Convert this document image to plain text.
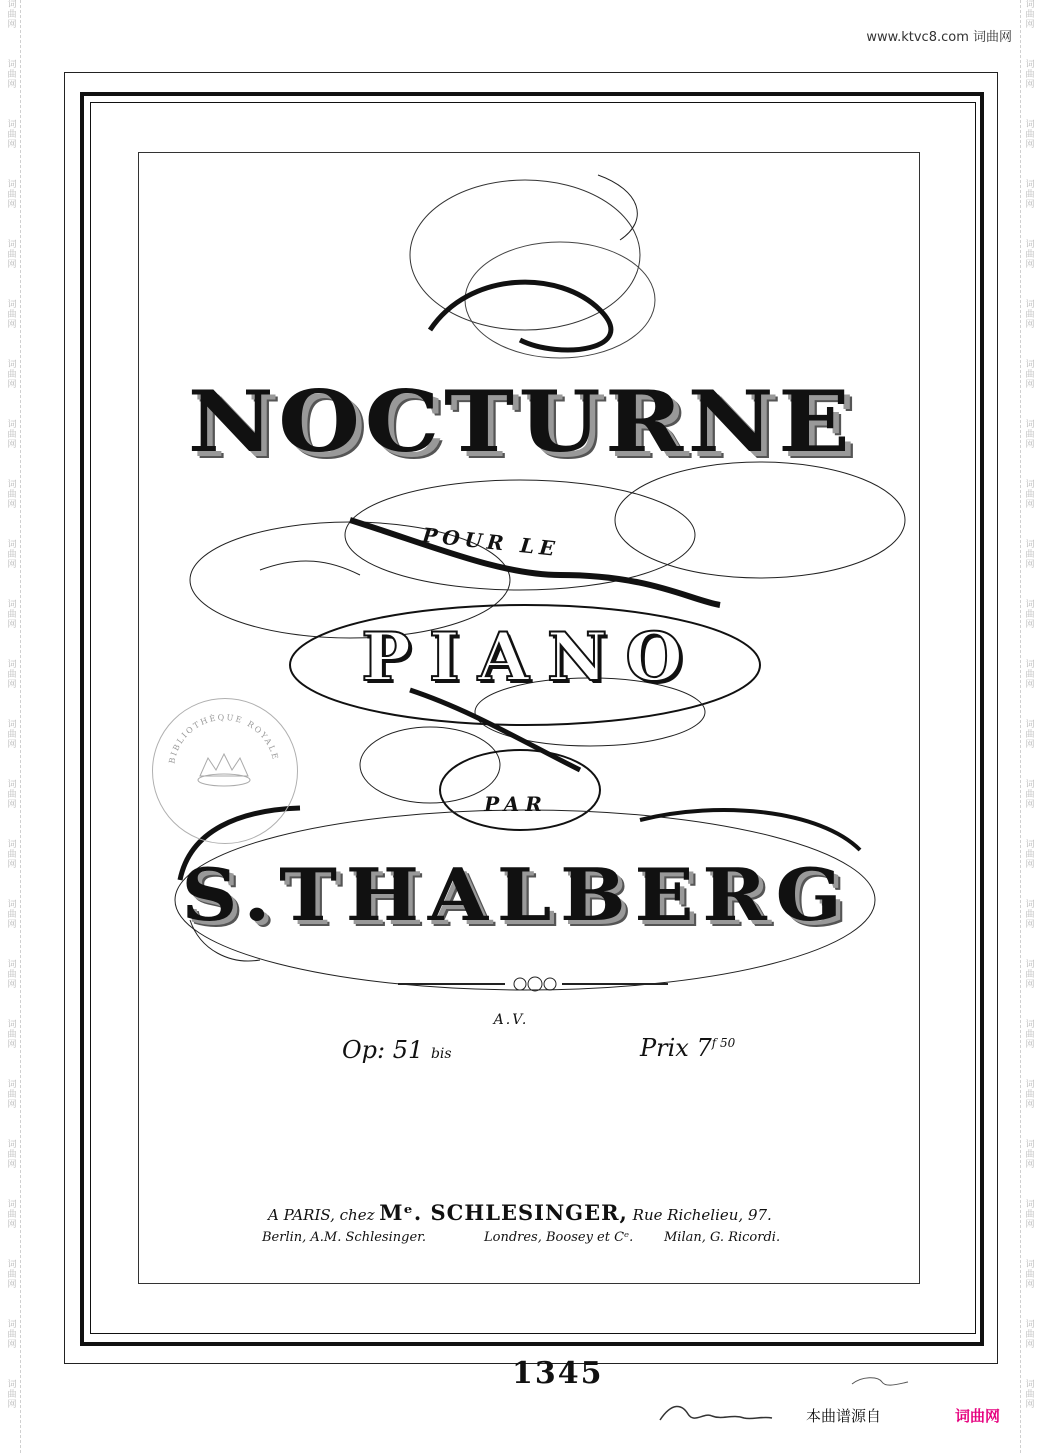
词
曲
网
词
曲
网
词
曲
网
词
曲
网
词
曲
网
词
曲
网
词
曲
网
词
曲
网
词
曲
网
词
曲
网
词
曲
网
词
曲
网
词
曲
网
词
曲
网
词
曲
网
词
曲
网
词
曲
网
词
曲
网
词
曲
网
词
曲
网
词
曲
网
词
曲
网
词
曲
网
词
曲
网
词
曲
网
词
曲
网
词
曲
网
词
曲
网
词
曲
网
词
曲
网
词
曲
网
词
曲
网
词
曲
网
词
曲
网
词
曲
网
词
曲
网
词
曲
网
词
曲
网
词
曲
网
词
曲
网
词
曲
网
词
曲
网
词
曲
网
词
曲
网
词
曲
网
词
曲
网
词
曲
网
词
曲
网
www.ktvc8.com 词曲网
BIBLIOTHÈQUE ROYALE
NOCTURNE
POUR LE
PIANO
PAR
S.THALBERG
A.V.
Op: 51 bis	Prix $7^{f 50}$
A PARIS, chez Mᵉ. SCHLESINGER, Rue Richelieu, 97.
Berlin, A.M. Schlesinger.	Londres, Boosey et Cᵉ. Milan, G. Ricordi.
1345
本曲谱源自	词曲网
